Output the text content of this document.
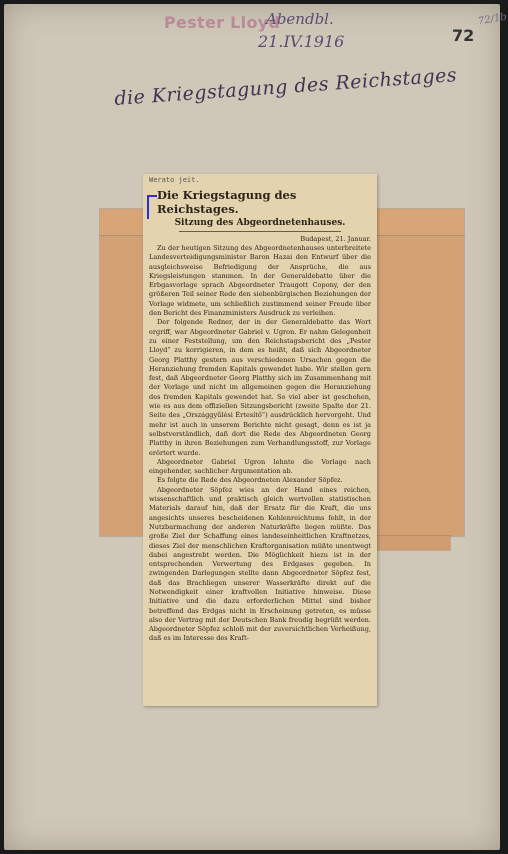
Pester Lloyd
Abendbl.
21.IV.1916	72
72/1b
die Kriegstagung des Reichstages
Werato jeit.
Die Kriegstagung des Reichstages.
Sitzung des Abgeordnetenhauses.
Budapest, 21. Januar.

Zu der heutigen Sitzung des Abgeordnetenhauses unterbreitete Landesverteidigungsminister Baron Hazai den Entwurf über die ausgleichsweise Befriedigung der Ansprüche, die aus Kriegsleistungen stammen. In der Generaldebatte über die Erbgasvorlage sprach Abgeordneter Traugott Copony, der den größeren Teil seiner Rede den siebenbürgischen Beziehungen der Vorlage widmete, um schließlich zustimmend seiner Freude über den Bericht des Finanzministers Ausdruck zu verleihen.

Der folgende Redner, der in der Generaldebatte das Wort ergriff, war Abgeordneter Gabriel v. Ugron. Er nahm Gelegenheit zu einer Feststellung, um den Reichstagsbericht des „Pester Lloyd“ zu korrigieren, in dem es heißt, daß sich Abgeordneter Georg Platthy gestern aus verschiedenen Ursachen gegen die Heranziehung fremden Kapitals gewendet habe. Wir stellen gern fest, daß Abgeordneter Georg Platthy sich im Zusammenhang mit der Vorlage und nicht im allgemeinen gegen die Heranziehung des fremden Kapitals gewendet hat. So viel aber ist geschehen, wie es aus dem offiziellen Sitzungsbericht (zweite Spalte der 21. Seite des „Országgyűlési Értesítő“) ausdrücklich hervorgeht. Und mehr ist auch in unserem Berichte nicht gesagt, denn es ist ja selbstverständlich, daß dort die Rede des Abgeordneten Georg Platthy in ihren Beziehungen zum Verhandlungsstoff, zur Vorlage erörtert wurde.

Abgeordneter Gabriel Ugron lehnte die Vorlage nach eingehender, sachlicher Argumentation ab.

Es folgte die Rede des Abgeordneten Alexander Söpfez.

Abgeordneter Söpfez wies an der Hand eines reichen, wissenschaftlich und praktisch gleich wertvollen statistischen Materials darauf hin, daß der Ersatz für die Kraft, die uns angesichts unseres bescheidenen Kohlenreichtums fehlt, in der Nutzbarmachung der anderen Naturkräfte liegen müßte. Das große Ziel der Schaffung eines landeseinheitlichen Kraftnetzes, dieses Ziel der menschlichen Kraftorganisation müßte unentwegt dabei angestrebt werden. Die Möglichkeit hiezu ist in der entsprechenden Verwertung des Erdgases gegeben. In zwingenden Darlegungen stellte dann Abgeordneter Söpfez fest, daß das Brachliegen unserer Wasserkräfte direkt auf die Notwendigkeit einer kraftvollen Initiative hinweise. Diese Initiative und die dazu erforderlichen Mittel sind bisher betreffend das Erdgas nicht in Erscheinung getreten, es müsse also der Vertrag mit der Deutschen Bank freudig begrüßt werden. Abgeordneter Söpfez schloß mit der zuversichtlichen Verheißung, daß es im Interesse des Kraft-
